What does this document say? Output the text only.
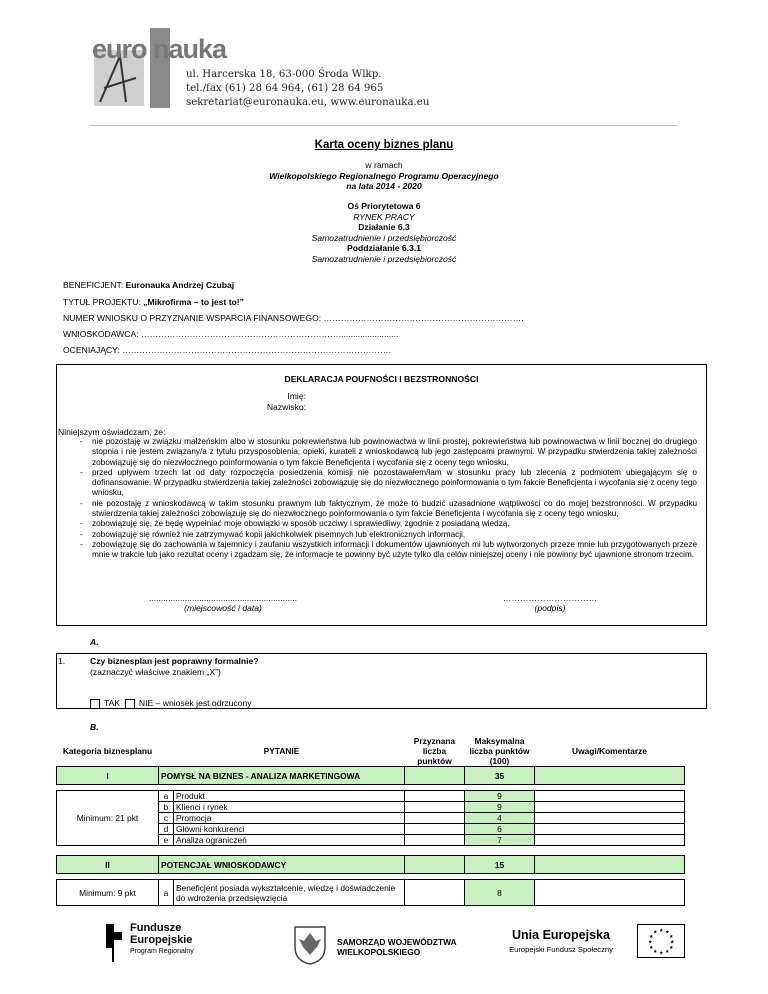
euro nauka
ul. Harcerska 18, 63-000 Środa Wlkp.
tel./fax (61) 28 64 964, (61) 28 64 965
sekretariat@euronauka.eu, www.euronauka.eu
Karta oceny biznes planu
w ramach
Wielkopolskiego Regionalnego Programu Operacyjnego
na lata 2014 - 2020
Oś Priorytetowa 6
RYNEK PRACY
Działanie 6.3
Samozatrudnienie i przedsiębiorczość
Poddziałanie 6.3.1
Samozatrudnienie i przedsiębiorczość
BENEFICJENT: Euronauka Andrzej Czubaj
TYTUŁ PROJEKTU: „Mikrofirma – to jest to!”
NUMER WNIOSKU O PRZYZNANIE WSPARCIA FINANSOWEGO: …………………………………………………………….
WNIOSKODAWCA: …………………………………………………………….........................
OCENIAJĄCY: ………………………………………………………………………………….
DEKLARACJA POUFNOŚCI I BEZSTRONNOŚCI
Imię:
Nazwisko:
Niniejszym oświadczam, że:
- nie pozostaję w związku małżeńskim albo w stosunku pokrewieństwa lub powinowactwa w linii prostej, pokrewieństwa lub powinowactwa w linii bocznej do drugiego stopnia i nie jestem związany/a z tytułu przysposobienia, opieki, kurateli z wnioskodawcą lub jego zastępcami prawnymi. W przypadku stwierdzenia takiej zależności zobowiązuję się do niezwłocznego poinformowania o tym fakcie Beneficjenta i wycofania się z oceny tego wniosku,
- przed upływem trzech lat od daty rozpoczęcia posiedzenia komisji nie pozostawałem/łam w stosunku pracy lub zlecenia z podmiotem ubiegającym się o dofinansowanie. W przypadku stwierdzenia takiej zależności zobowiązuję się do niezwłocznego poinformowania o tym fakcie Beneficjenta i wycofania się z oceny tego wniosku,
- nie pozostaję z wnioskodawcą w takim stosunku prawnym lub faktycznym, że może to budzić uzasadnione wątpliwości co do mojej bezstronności. W przypadku stwierdzenia takiej zależności zobowiązuję się do niezwłocznego poinformowania o tym fakcie Beneficjenta i wycofania się z oceny tego wniosku,
- zobowiązuję się, że będę wypełniać moje obowiązki w sposób uczciwy i sprawiedliwy, zgodnie z posiadaną wiedzą,
- zobowiązuję się również nie zatrzymywać kopii jakichkolwiek pisemnych lub elektronicznych informacji,
- zobowiązuję się do zachowania w tajemnicy i zaufaniu wszystkich informacji i dokumentów ujawnionych mi lub wytworzonych przeze mnie lub przygotowanych przeze mnie w trakcie lub jako rezultat oceny i zgadzam się, że informacje te powinny być użyte tylko dla celów niniejszej oceny i nie powinny być ujawnione stronom trzecim.
..............................................................
(miejscowość i data)
……………………………
(podpis)
A.
1.	Czy biznesplan jest poprawny formalnie?
(zaznaczyć właściwe znakiem „X”)
TAK NIE – wniosek jest odrzucony
B.
Kategoria biznesplanu	PYTANIE		Przyznana liczba punktów	Maksymalna liczba punktów (100)	Uwagi/Komentarze
I	POMYSŁ NA BIZNES - ANALIZA MARKETINGOWA			35	

Minimum: 21 pkt	a	Produkt		9	
	b	Klienci i rynek		9	
	c	Promocja		4	
	d	Główni konkurenci		6	
	e	Analiza ograniczeń		7	

II	POTENCJAŁ WNIOSKODAWCY			15	

Minimum: 9 pkt	a	Beneficjent posiada wykształcenie, wiedzę i doświadczenie do wdrożenia przedsięwzięcia		8	
Fundusze
Europejskie
Program Regionalny
SAMORZĄD WOJEWÓDZTWA
WIELKOPOLSKIEGO
Unia Europejska
Europejski Fundusz Społeczny
★ ★
★
★
★
★
★
★
★
★
★
★
